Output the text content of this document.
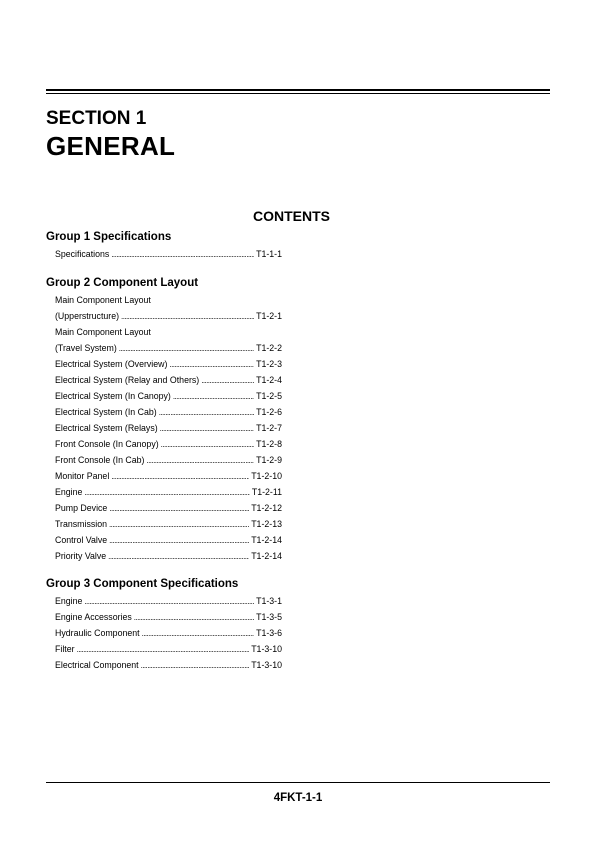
SECTION 1
GENERAL
CONTENTS
Group 1 Specifications
Specifications . . .	T1-1-1
Group 2 Component Layout
Main Component Layout
(Upperstructure) . . .	T1-2-1
Main Component Layout
(Travel System) . . .	T1-2-2
Electrical System (Overview) . . .	T1-2-3
Electrical System (Relay and Others) . . .	T1-2-4
Electrical System (In Canopy) . . .	T1-2-5
Electrical System (In Cab) . . .	T1-2-6
Electrical System (Relays) . . .	T1-2-7
Front Console (In Canopy) . . .	T1-2-8
Front Console (In Cab) . . .	T1-2-9
Monitor Panel . . .	T1-2-10
Engine . . .	T1-2-11
Pump Device . . .	T1-2-12
Transmission . . .	T1-2-13
Control Valve . . .	T1-2-14
Priority Valve . . .	T1-2-14
Group 3 Component Specifications
Engine . . .	T1-3-1
Engine Accessories . . .	T1-3-5
Hydraulic Component . . .	T1-3-6
Filter . . .	T1-3-10
Electrical Component . . .	T1-3-10
4FKT-1-1
